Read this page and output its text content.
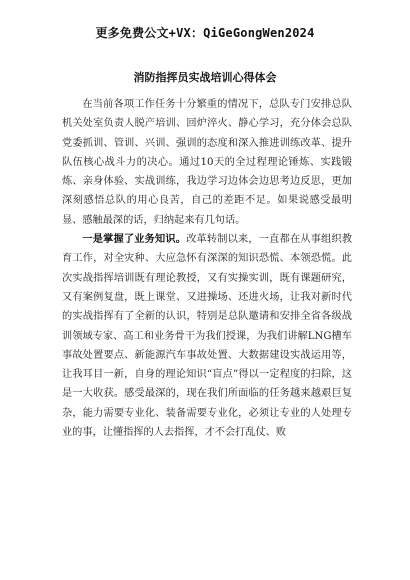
更多免费公文+VX：QiGeGongWen2024
消防指挥员实战培训心得体会

在当前各项工作任务十分繁重的情况下，总队专门安排总队机关处室负责人脱产培训、回炉淬火、静心学习，充分体会总队党委抓训、管训、兴训、强训的态度和深入推进训练改革、提升队伍核心战斗力的决心。通过10天的全过程理论锤炼、实践锻炼、亲身体验、实战训练，我边学习边体会边思考边反思，更加深刻感悟总队的用心良苦，自己的差距不足。如果说感受最明显、感触最深的话，归纳起来有几句话。

一是掌握了业务知识。改革转制以来，一直都在从事组织教育工作，对全灾种、大应急怀有深深的知识恐慌、本领恐慌。此次实战指挥培训既有理论教授，又有实操实训，既有课题研究，又有案例复盘，既上课堂、又进操场、还进火场，让我对新时代的实战指挥有了全新的认识，特别是总队邀请和安排全省各级战训领域专家、高工和业务骨干为我们授课，为我们讲解LNG槽车事故处置要点、新能源汽车事故处置、大数据建设实战运用等，让我耳目一新，自身的理论知识“盲点”得以一定程度的扫除，这是一大收获。感受最深的，现在我们所面临的任务越来越艰巨复杂，能力需要专业化、装备需要专业化，必须让专业的人处理专业的事，让懂指挥的人去指挥，才不会打乱仗、败
